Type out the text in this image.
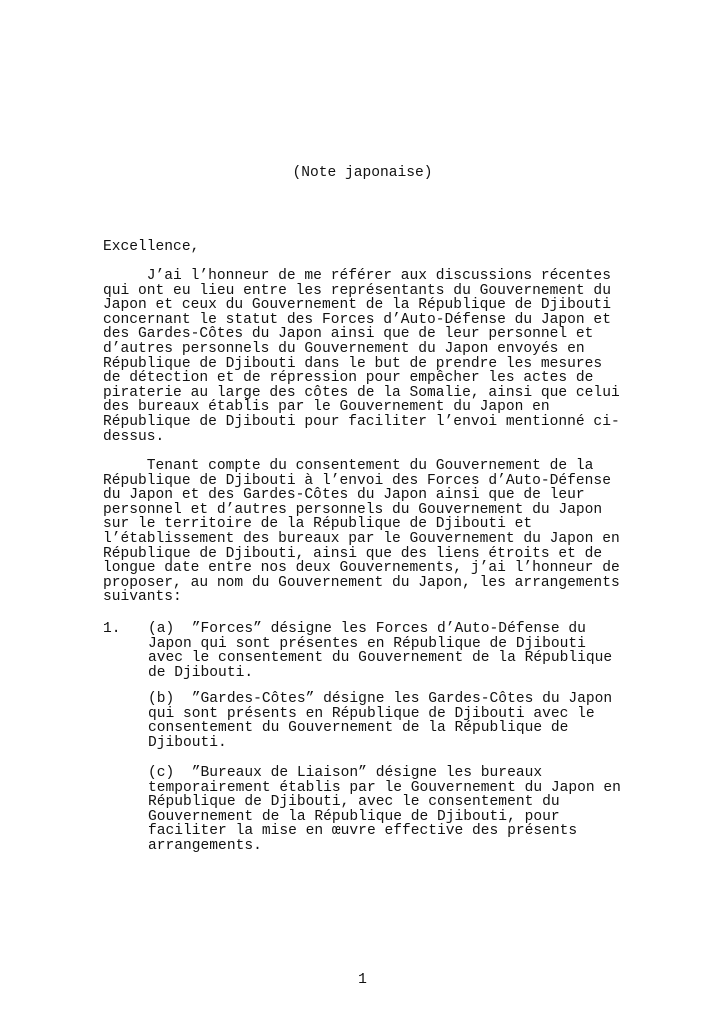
(Note japonaise)
Excellence,
J’ai l’honneur de me référer aux discussions récentes
qui ont eu lieu entre les représentants du Gouvernement du
Japon et ceux du Gouvernement de la République de Djibouti
concernant le statut des Forces d’Auto-Défense du Japon et
des Gardes-Côtes du Japon ainsi que de leur personnel et
d’autres personnels du Gouvernement du Japon envoyés en
République de Djibouti dans le but de prendre les mesures
de détection et de répression pour empêcher les actes de
piraterie au large des côtes de la Somalie, ainsi que celui
des bureaux établis par le Gouvernement du Japon en
République de Djibouti pour faciliter l’envoi mentionné ci-
dessus.
Tenant compte du consentement du Gouvernement de la
République de Djibouti à l’envoi des Forces d’Auto-Défense
du Japon et des Gardes-Côtes du Japon ainsi que de leur
personnel et d’autres personnels du Gouvernement du Japon
sur le territoire de la République de Djibouti et
l’établissement des bureaux par le Gouvernement du Japon en
République de Djibouti, ainsi que des liens étroits et de
longue date entre nos deux Gouvernements, j’ai l’honneur de
proposer, au nom du Gouvernement du Japon, les arrangements
suivants:
1. (a)  ”Forces” désigne les Forces d’Auto-Défense du
Japon qui sont présentes en République de Djibouti
avec le consentement du Gouvernement de la République
de Djibouti.
(b)  ”Gardes-Côtes” désigne les Gardes-Côtes du Japon
qui sont présents en République de Djibouti avec le
consentement du Gouvernement de la République de
Djibouti.
(c)  ”Bureaux de Liaison” désigne les bureaux
temporairement établis par le Gouvernement du Japon en
République de Djibouti, avec le consentement du
Gouvernement de la République de Djibouti, pour
faciliter la mise en œuvre effective des présents
arrangements.
1
